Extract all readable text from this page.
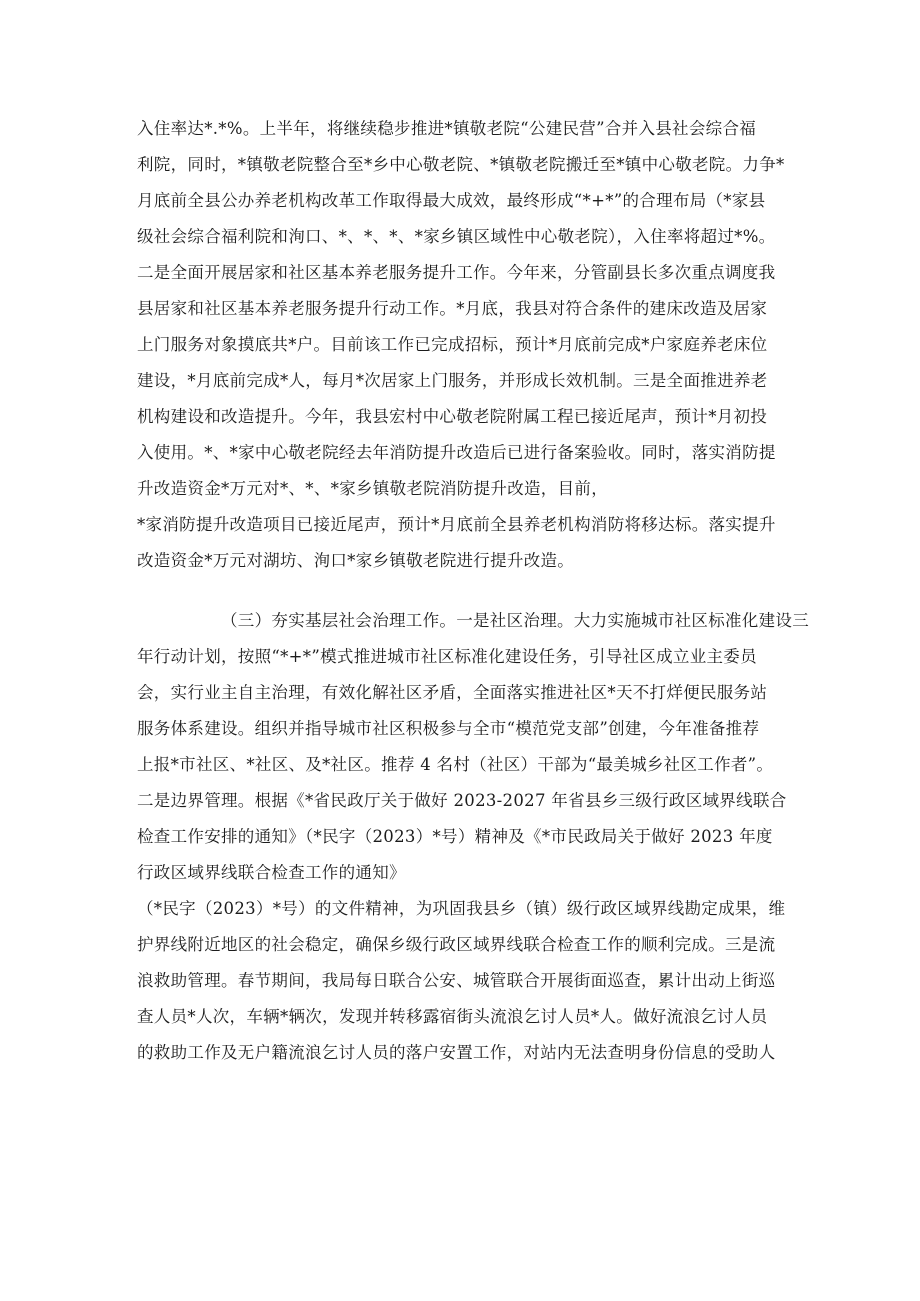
入住率达*.*%。上半年，将继续稳步推进*镇敬老院“公建民营”合并入县社会综合福
利院，同时，*镇敬老院整合至*乡中心敬老院、*镇敬老院搬迁至*镇中心敬老院。力争*
月底前全县公办养老机构改革工作取得最大成效，最终形成“*+*”的合理布局（*家县
级社会综合福利院和洵口、*、*、*、*家乡镇区域性中心敬老院），入住率将超过*%。
二是全面开展居家和社区基本养老服务提升工作。今年来，分管副县长多次重点调度我
县居家和社区基本养老服务提升行动工作。*月底，我县对符合条件的建床改造及居家
上门服务对象摸底共*户。目前该工作已完成招标，预计*月底前完成*户家庭养老床位
建设，*月底前完成*人，每月*次居家上门服务，并形成长效机制。三是全面推进养老
机构建设和改造提升。今年，我县宏村中心敬老院附属工程已接近尾声，预计*月初投
入使用。*、*家中心敬老院经去年消防提升改造后已进行备案验收。同时，落实消防提
升改造资金*万元对*、*、*家乡镇敬老院消防提升改造，目前，
*家消防提升改造项目已接近尾声，预计*月底前全县养老机构消防将移达标。落实提升
改造资金*万元对湖坊、洵口*家乡镇敬老院进行提升改造。
（三）夯实基层社会治理工作。一是社区治理。大力实施城市社区标准化建设三
年行动计划，按照“*+*”模式推进城市社区标准化建设任务，引导社区成立业主委员
会，实行业主自主治理，有效化解社区矛盾，全面落实推进社区*天不打烊便民服务站
服务体系建设。组织并指导城市社区积极参与全市“模范党支部”创建，今年准备推荐
上报*市社区、*社区、及*社区。推荐 4 名村（社区）干部为“最美城乡社区工作者”。
二是边界管理。根据《*省民政厅关于做好 2023-2027 年省县乡三级行政区域界线联合
检查工作安排的通知》（*民字（2023）*号）精神及《*市民政局关于做好 2023 年度
行政区域界线联合检查工作的通知》
（*民字（2023）*号）的文件精神，为巩固我县乡（镇）级行政区域界线勘定成果，维
护界线附近地区的社会稳定，确保乡级行政区域界线联合检查工作的顺利完成。三是流
浪救助管理。春节期间，我局每日联合公安、城管联合开展街面巡查，累计出动上街巡
查人员*人次，车辆*辆次，发现并转移露宿街头流浪乞讨人员*人。做好流浪乞讨人员
的救助工作及无户籍流浪乞讨人员的落户安置工作，对站内无法查明身份信息的受助人
